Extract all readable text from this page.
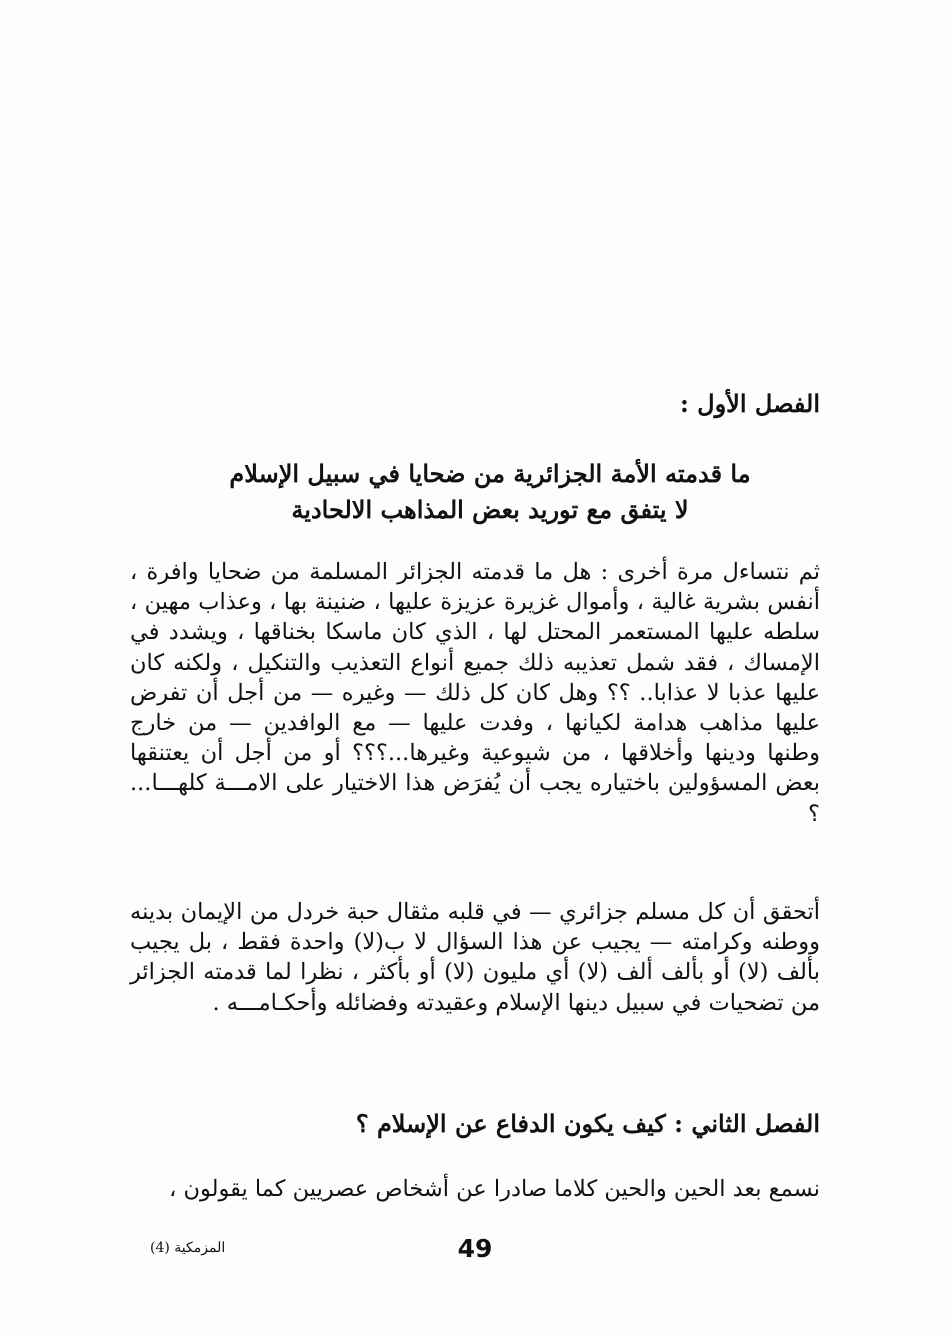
الفصل الأول :
ما قدمته الأمة الجزائرية من ضحايا في سبيل الإسلام
لا يتفق مع توريد بعض المذاهب الالحادية

ثم نتساءل مرة أخرى : هل ما قدمته الجزائر المسلمة من ضحايا وافرة ، أنفس بشرية غالية ، وأموال غزيرة عزيزة عليها ، ضنينة بها ، وعذاب مهين ، سلطه عليها المستعمر المحتل لها ، الذي كان ماسكا بخناقها ، ويشدد في الإمساك ، فقد شمل تعذيبه ذلك جميع أنواع التعذيب والتنكيل ، ولكنه كان عليها عذبا لا عذابا.. ؟؟ وهل كان كل ذلك — وغيره — من أجل أن تفرض عليها مذاهب هدامة لكيانها ، وفدت عليها — مع الوافدين — من خارج وطنها ودينها وأخلاقها ، من شيوعية وغيرها...؟؟؟ أو من أجل أن يعتنقها بعض المسؤولين باختياره يجب أن يُفرَض هذا الاختيار على الامـــة كلهـــا... ؟

أتحقق أن كل مسلم جزائري — في قلبه مثقال حبة خردل من الإيمان بدينه ووطنه وكرامته — يجيب عن هذا السؤال لا ب(لا) واحدة فقط ، بل يجيب بألف (لا) أو بألف ألف (لا) أي مليون (لا) أو بأكثر ، نظرا لما قدمته الجزائر من تضحيات في سبيل دينها الإسلام وعقيدته وفضائله وأحكـامـــه .

الفصل الثاني : كيف يكون الدفاع عن الإسلام ؟

نسمع بعد الحين والحين كلاما صادرا عن أشخاص عصريين كما يقولون ،

49
المزمكية (4)
